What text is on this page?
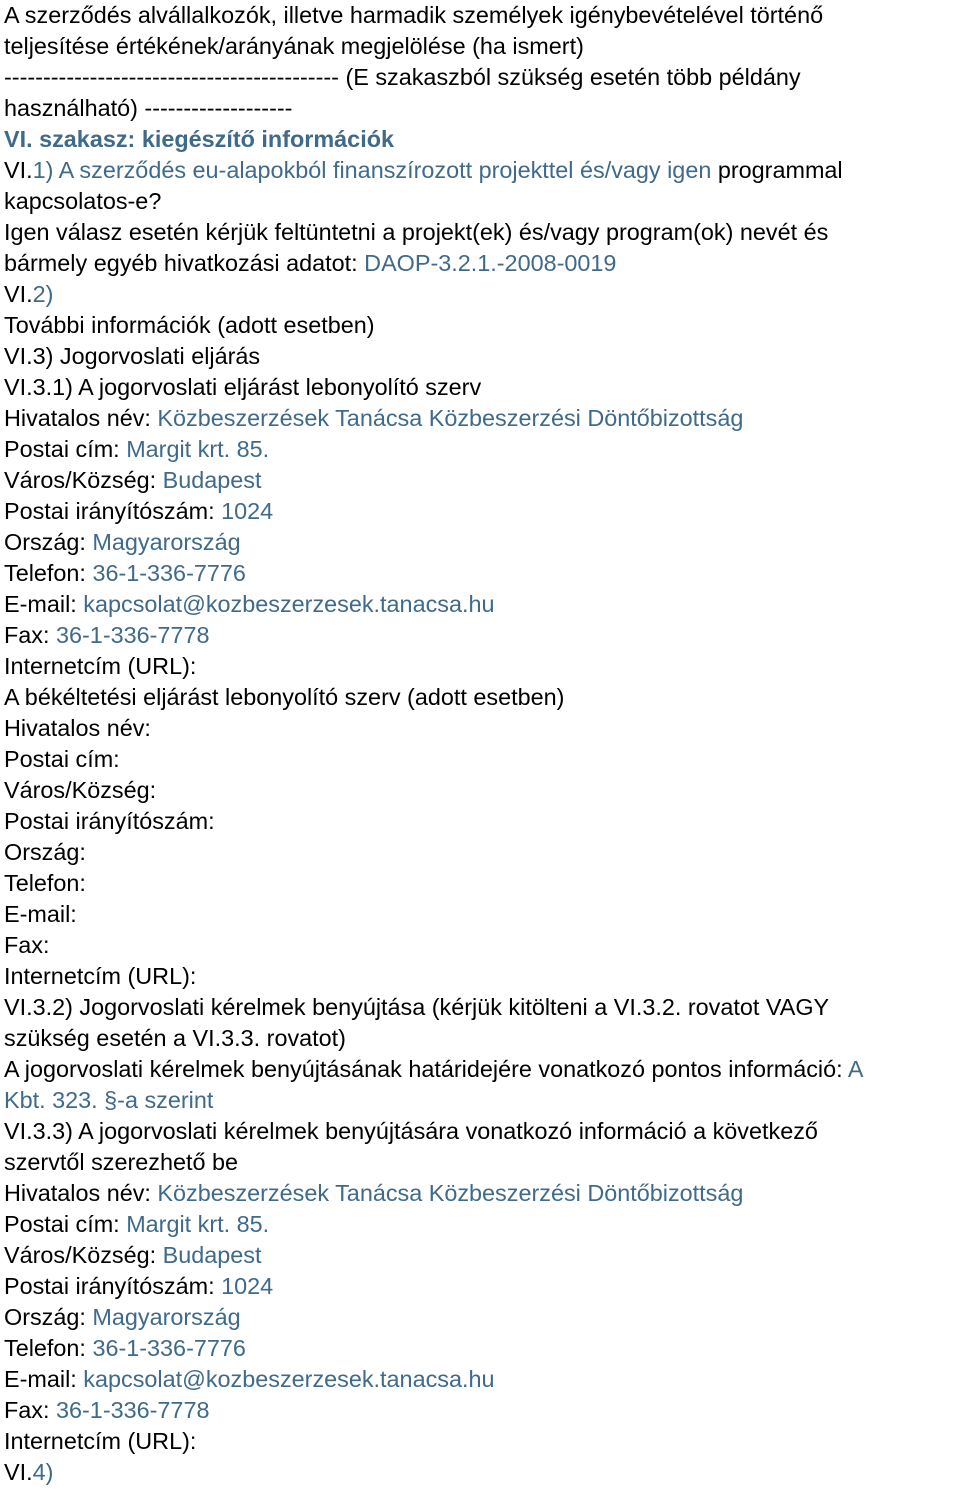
A szerződés alvállalkozók, illetve harmadik személyek igénybevételével történő
teljesítése értékének/arányának megjelölése (ha ismert)
------------------------------------------- (E szakaszból szükség esetén több példány
használható) -------------------
VI. szakasz: kiegészítő információk
VI.1) A szerződés eu-alapokból finanszírozott projekttel és/vagy igen programmal
kapcsolatos-e?
Igen válasz esetén kérjük feltüntetni a projekt(ek) és/vagy program(ok) nevét és
bármely egyéb hivatkozási adatot: DAOP-3.2.1.-2008-0019
VI.2)
További információk (adott esetben)
VI.3) Jogorvoslati eljárás
VI.3.1) A jogorvoslati eljárást lebonyolító szerv
Hivatalos név: Közbeszerzések Tanácsa Közbeszerzési Döntőbizottság
Postai cím: Margit krt. 85.
Város/Község: Budapest
Postai irányítószám: 1024
Ország: Magyarország
Telefon: 36-1-336-7776
E-mail: kapcsolat@kozbeszerzesek.tanacsa.hu
Fax: 36-1-336-7778
Internetcím (URL):
A békéltetési eljárást lebonyolító szerv (adott esetben)
Hivatalos név:
Postai cím:
Város/Község:
Postai irányítószám:
Ország:
Telefon:
E-mail:
Fax:
Internetcím (URL):
VI.3.2) Jogorvoslati kérelmek benyújtása (kérjük kitölteni a VI.3.2. rovatot VAGY
szükség esetén a VI.3.3. rovatot)
A jogorvoslati kérelmek benyújtásának határidejére vonatkozó pontos információ: A
Kbt. 323. §-a szerint
VI.3.3) A jogorvoslati kérelmek benyújtására vonatkozó információ a következő
szervtől szerezhető be
Hivatalos név: Közbeszerzések Tanácsa Közbeszerzési Döntőbizottság
Postai cím: Margit krt. 85.
Város/Község: Budapest
Postai irányítószám: 1024
Ország: Magyarország
Telefon: 36-1-336-7776
E-mail: kapcsolat@kozbeszerzesek.tanacsa.hu
Fax: 36-1-336-7778
Internetcím (URL):
VI.4)
